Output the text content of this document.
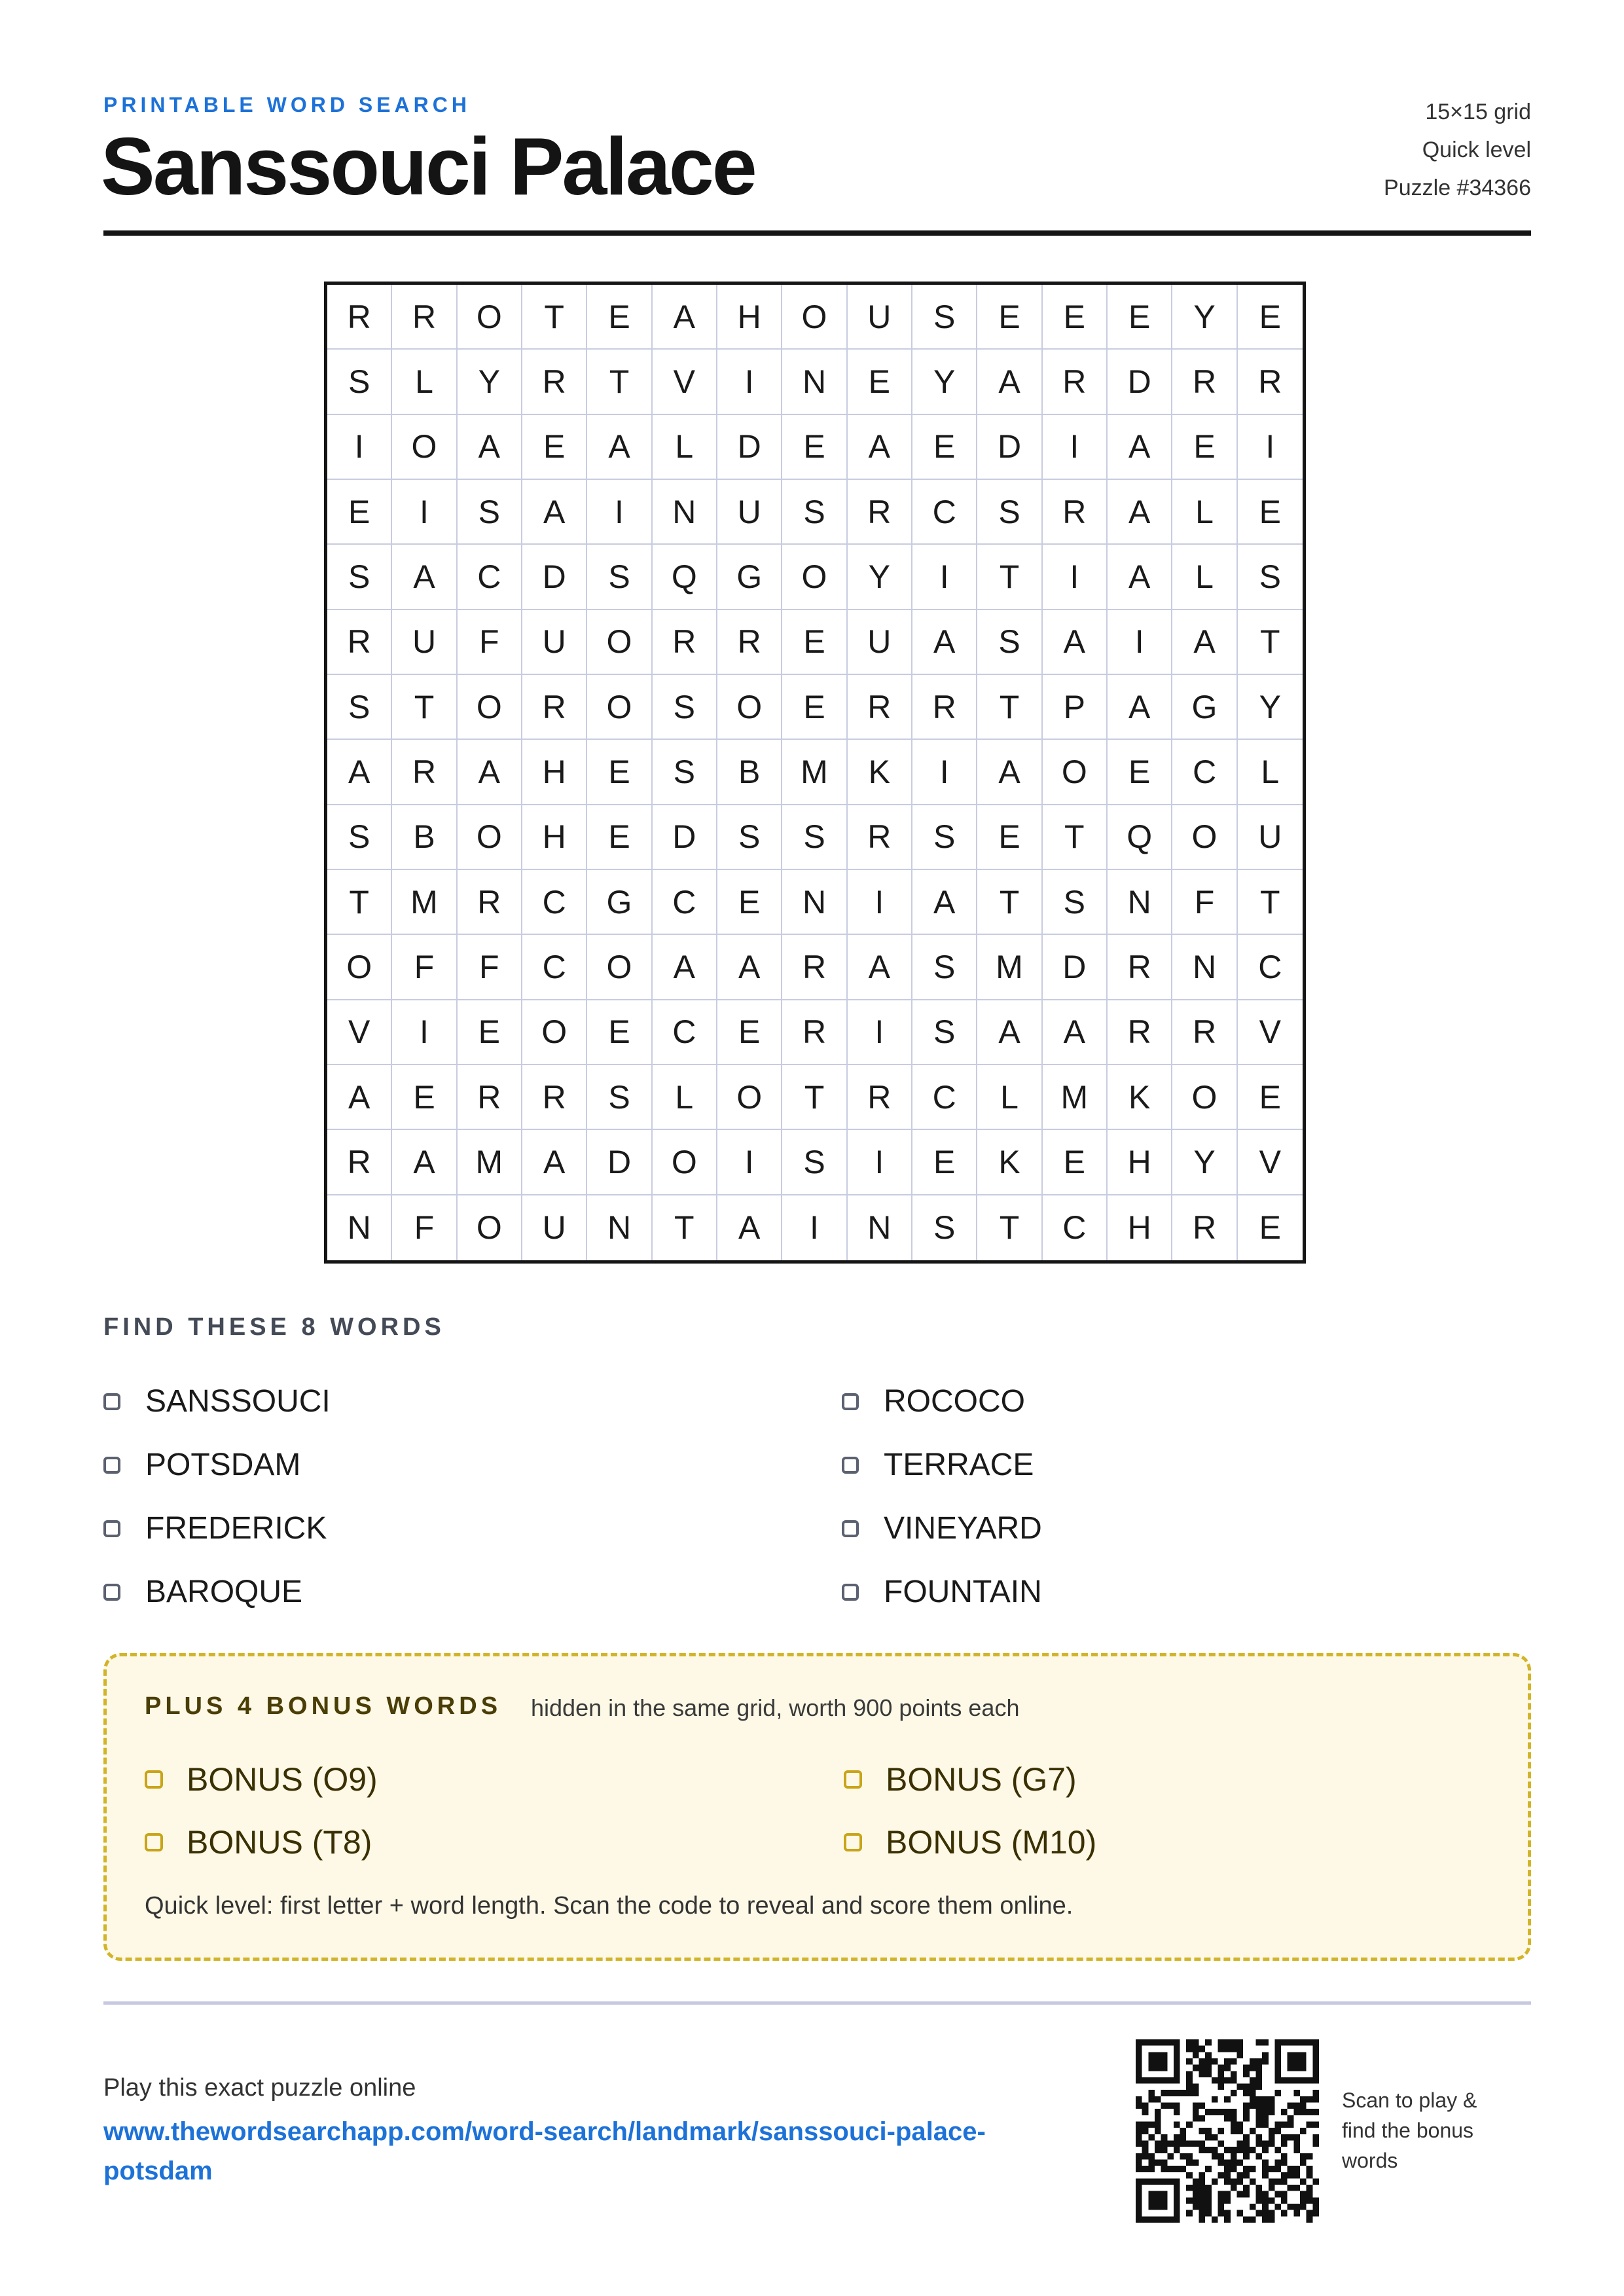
PRINTABLE WORD SEARCH
Sanssouci Palace
15×15 grid
Quick level
Puzzle #34366
R	R	O	T	E	A	H	O	U	S	E	E	E	Y	E
S	L	Y	R	T	V	I	N	E	Y	A	R	D	R	R
I	O	A	E	A	L	D	E	A	E	D	I	A	E	I
E	I	S	A	I	N	U	S	R	C	S	R	A	L	E
S	A	C	D	S	Q	G	O	Y	I	T	I	A	L	S
R	U	F	U	O	R	R	E	U	A	S	A	I	A	T
S	T	O	R	O	S	O	E	R	R	T	P	A	G	Y
A	R	A	H	E	S	B	M	K	I	A	O	E	C	L
S	B	O	H	E	D	S	S	R	S	E	T	Q	O	U
T	M	R	C	G	C	E	N	I	A	T	S	N	F	T
O	F	F	C	O	A	A	R	A	S	M	D	R	N	C
V	I	E	O	E	C	E	R	I	S	A	A	R	R	V
A	E	R	R	S	L	O	T	R	C	L	M	K	O	E
R	A	M	A	D	O	I	S	I	E	K	E	H	Y	V
N	F	O	U	N	T	A	I	N	S	T	C	H	R	E
FIND THESE 8 WORDS
SANSSOUCI	ROCOCO
POTSDAM	TERRACE
FREDERICK	VINEYARD
BAROQUE	FOUNTAIN
PLUS 4 BONUS WORDS hidden in the same grid, worth 900 points each
BONUS (O9)	BONUS (G7)
BONUS (T8)	BONUS (M10)
Quick level: first letter + word length. Scan the code to reveal and score them online.
Play this exact puzzle online
www.thewordsearchapp.com/word-search/landmark/sanssouci-palace-potsdam
Scan to play & find the bonus words
